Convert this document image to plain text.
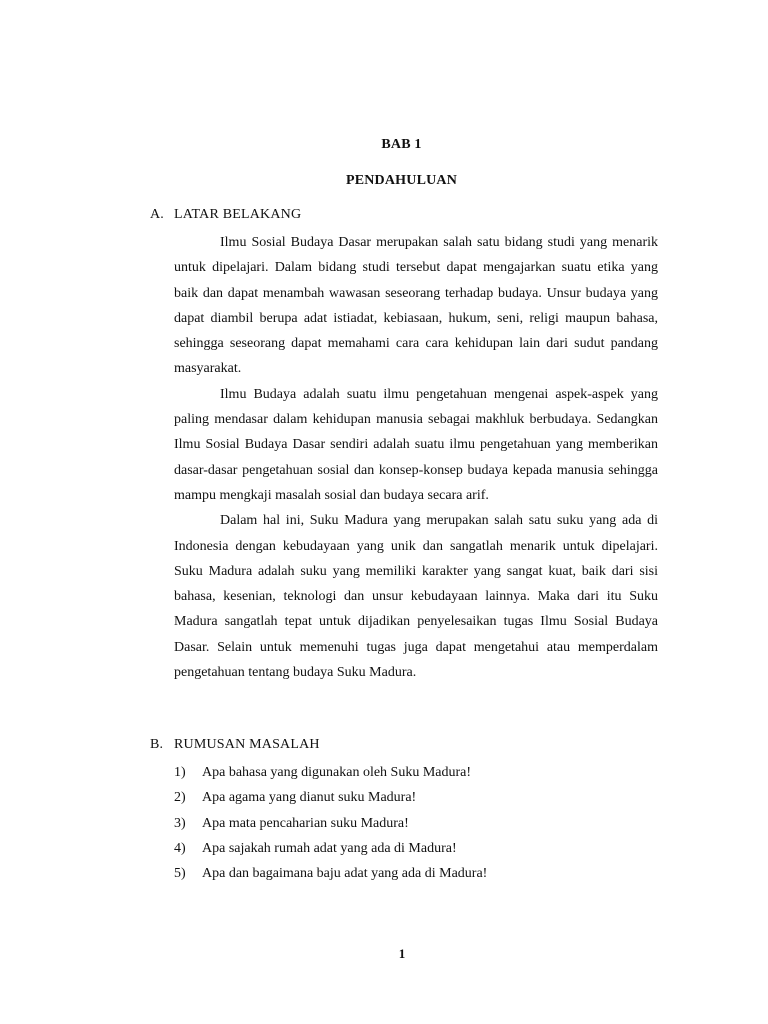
BAB 1
PENDAHULUAN
A. LATAR BELAKANG

Ilmu Sosial Budaya Dasar merupakan salah satu bidang studi yang menarik untuk dipelajari. Dalam bidang studi tersebut dapat mengajarkan suatu etika yang baik dan dapat menambah wawasan seseorang terhadap budaya. Unsur budaya yang dapat diambil berupa adat istiadat, kebiasaan, hukum, seni, religi maupun bahasa, sehingga seseorang dapat memahami cara cara kehidupan lain dari sudut pandang masyarakat.

Ilmu Budaya adalah suatu ilmu pengetahuan mengenai aspek-aspek yang paling mendasar dalam kehidupan manusia sebagai makhluk berbudaya. Sedangkan Ilmu Sosial Budaya Dasar sendiri adalah suatu ilmu pengetahuan yang memberikan dasar-dasar pengetahuan sosial dan konsep-konsep budaya kepada manusia sehingga mampu mengkaji masalah sosial dan budaya secara arif.

Dalam hal ini, Suku Madura yang merupakan salah satu suku yang ada di Indonesia dengan kebudayaan yang unik dan sangatlah menarik untuk dipelajari. Suku Madura adalah suku yang memiliki karakter yang sangat kuat, baik dari sisi bahasa, kesenian, teknologi dan unsur kebudayaan lainnya. Maka dari itu Suku Madura sangatlah tepat untuk dijadikan penyelesaikan tugas Ilmu Sosial Budaya Dasar. Selain untuk memenuhi tugas juga dapat mengetahui atau memperdalam pengetahuan tentang budaya Suku Madura.

B. RUMUSAN MASALAH
1) Apa bahasa yang digunakan oleh Suku Madura!
2) Apa agama yang dianut suku Madura!
3) Apa mata pencaharian suku Madura!
4) Apa sajakah rumah adat yang ada di Madura!
5) Apa dan bagaimana baju adat yang ada di Madura!
1
